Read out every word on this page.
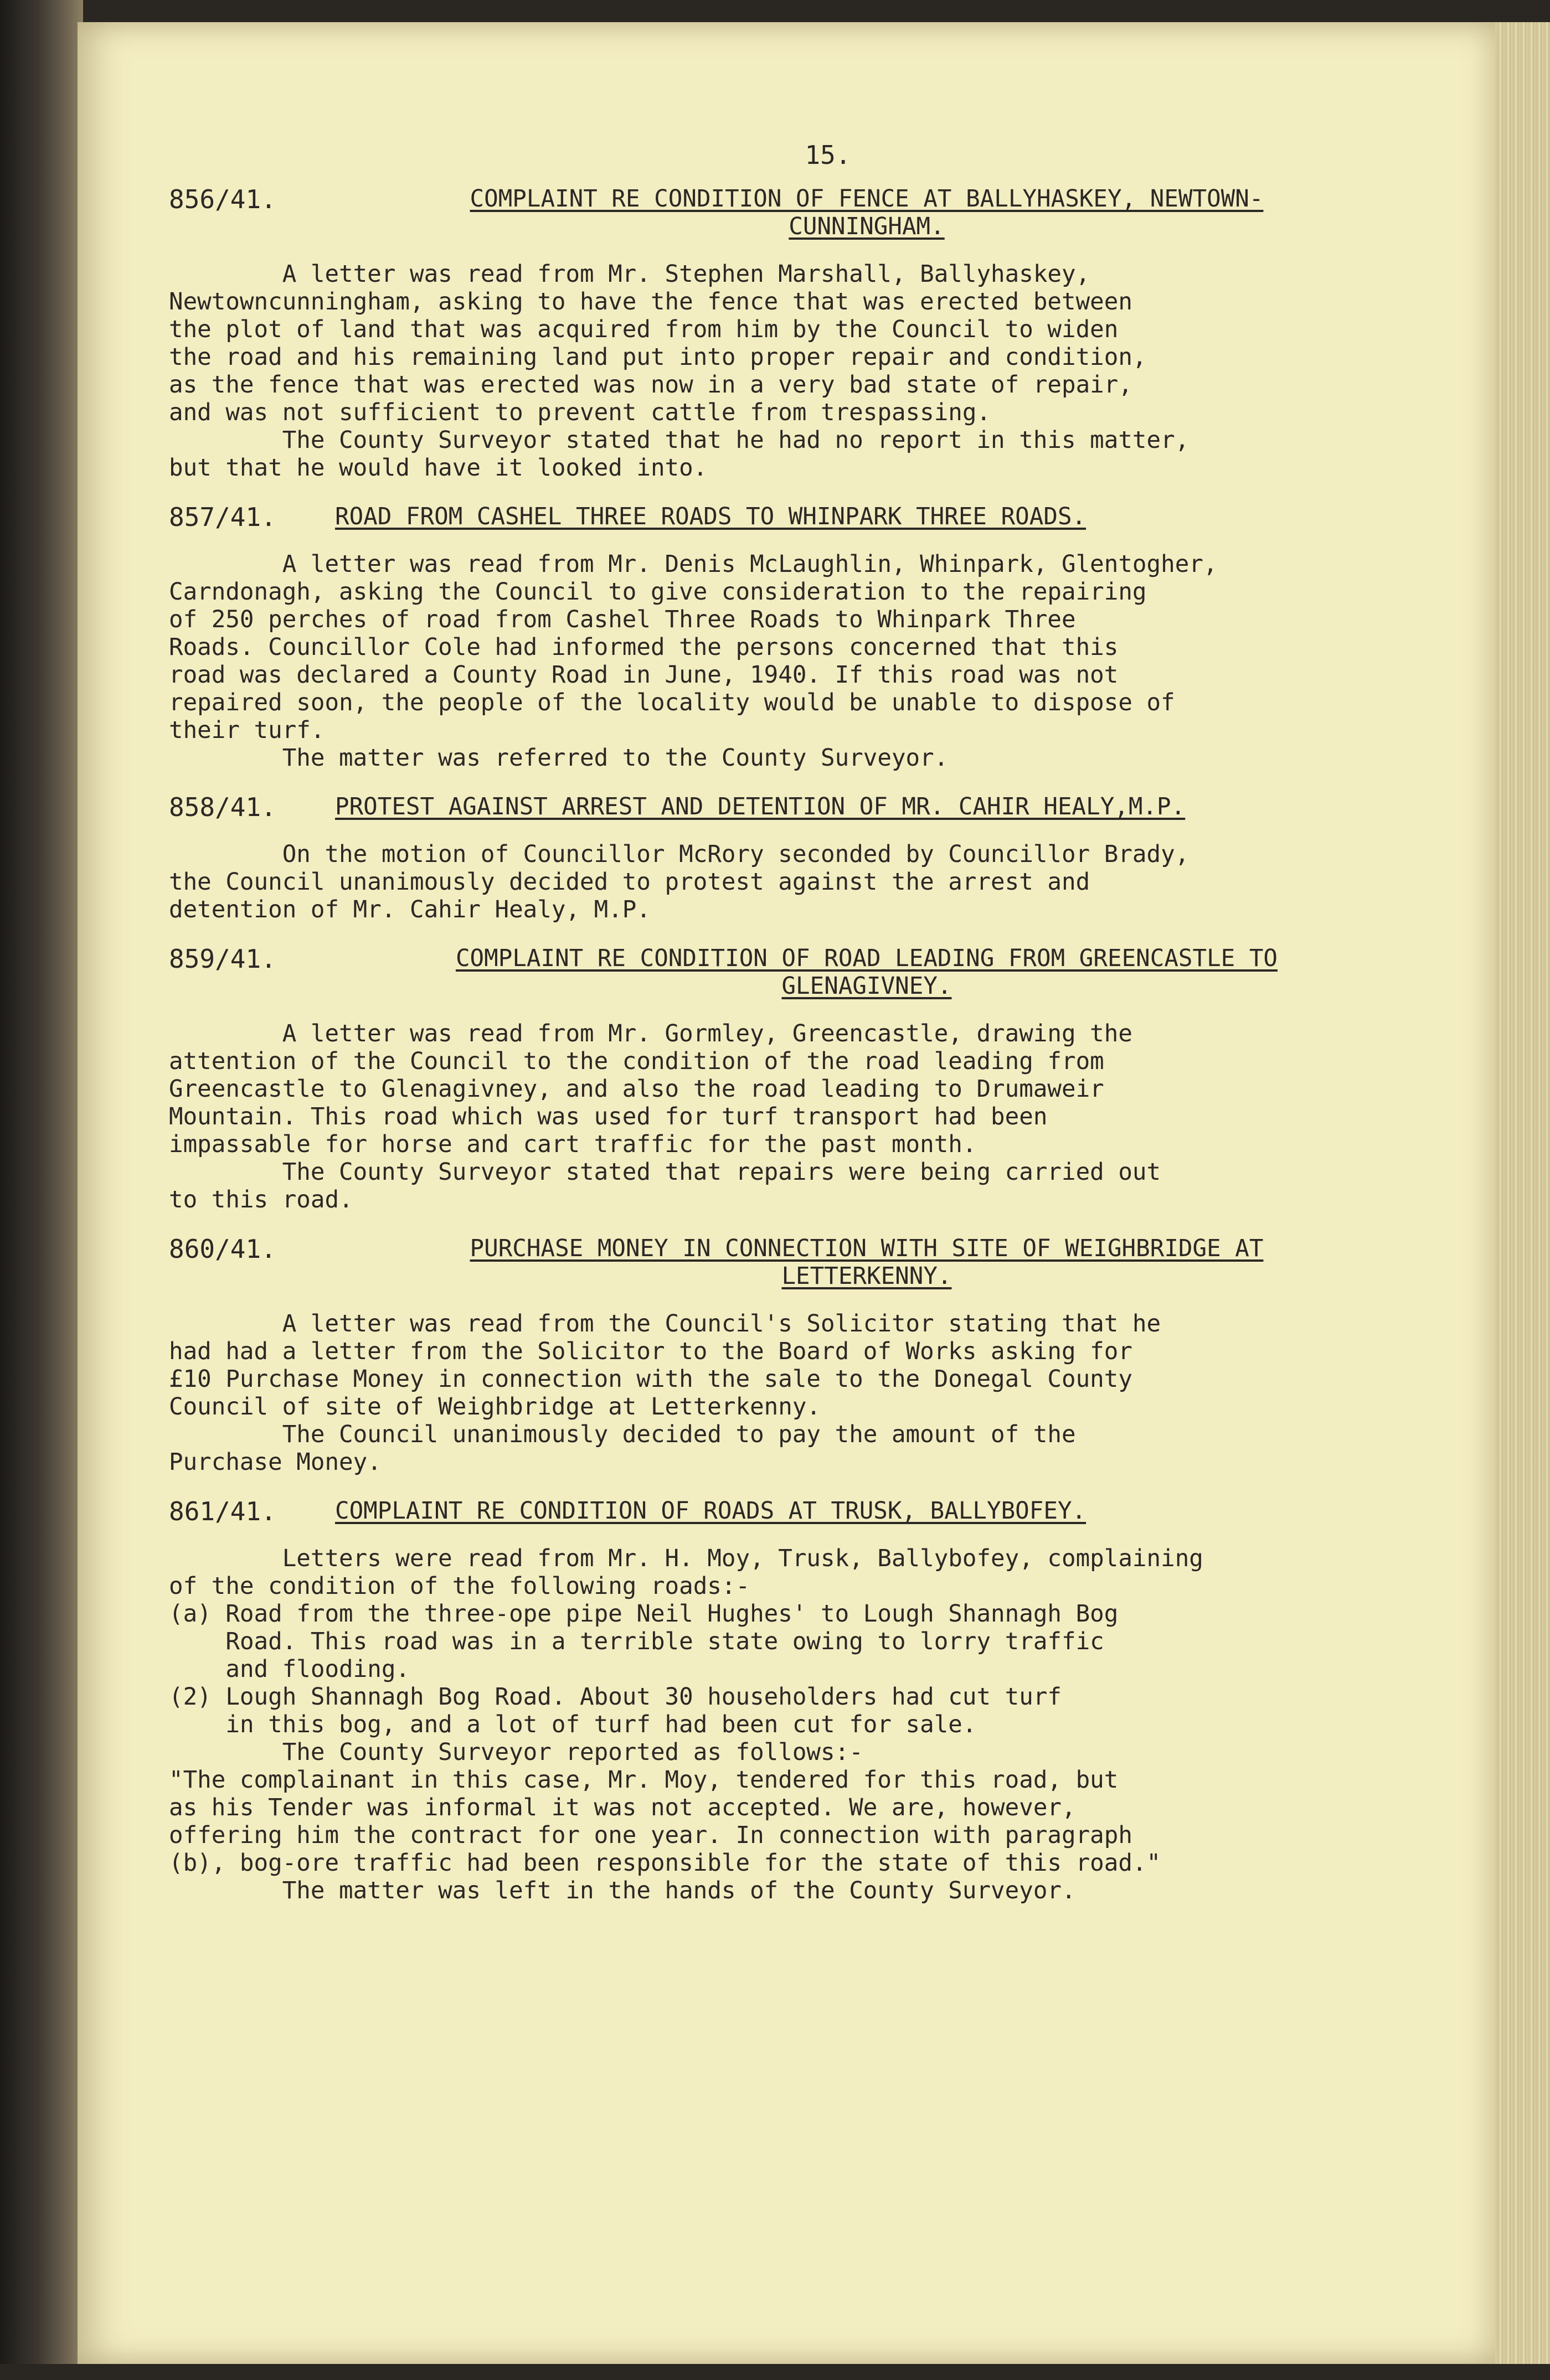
15.
856/41.	COMPLAINT RE CONDITION OF FENCE AT BALLYHASKEY, NEWTOWN-
CUNNINGHAM.

A letter was read from Mr. Stephen Marshall, Ballyhaskey,
Newtowncunningham, asking to have the fence that was erected between
the plot of land that was acquired from him by the Council to widen
the road and his remaining land put into proper repair and condition,
as the fence that was erected was now in a very bad state of repair,
and was not sufficient to prevent cattle from trespassing.

The County Surveyor stated that he had no report in this matter,
but that he would have it looked into.

857/41.	ROAD FROM CASHEL THREE ROADS TO WHINPARK THREE ROADS.

A letter was read from Mr. Denis McLaughlin, Whinpark, Glentogher,
Carndonagh, asking the Council to give consideration to the repairing
of 250 perches of road from Cashel Three Roads to Whinpark Three
Roads. Councillor Cole had informed the persons concerned that this
road was declared a County Road in June, 1940. If this road was not
repaired soon, the people of the locality would be unable to dispose of
their turf.

The matter was referred to the County Surveyor.

858/41.	PROTEST AGAINST ARREST AND DETENTION OF MR. CAHIR HEALY,M.P.

On the motion of Councillor McRory seconded by Councillor Brady,
the Council unanimously decided to protest against the arrest and
detention of Mr. Cahir Healy, M.P.

859/41.	COMPLAINT RE CONDITION OF ROAD LEADING FROM GREENCASTLE TO
GLENAGIVNEY.

A letter was read from Mr. Gormley, Greencastle, drawing the
attention of the Council to the condition of the road leading from
Greencastle to Glenagivney, and also the road leading to Drumaweir
Mountain. This road which was used for turf transport had been
impassable for horse and cart traffic for the past month.

The County Surveyor stated that repairs were being carried out
to this road.

860/41.	PURCHASE MONEY IN CONNECTION WITH SITE OF WEIGHBRIDGE AT
LETTERKENNY.

A letter was read from the Council's Solicitor stating that he
had had a letter from the Solicitor to the Board of Works asking for
£10 Purchase Money in connection with the sale to the Donegal County
Council of site of Weighbridge at Letterkenny.

The Council unanimously decided to pay the amount of the
Purchase Money.

861/41.	COMPLAINT RE CONDITION OF ROADS AT TRUSK, BALLYBOFEY.

Letters were read from Mr. H. Moy, Trusk, Ballybofey, complaining
of the condition of the following roads:-

(a) Road from the three-ope pipe Neil Hughes' to Lough Shannagh Bog
Road. This road was in a terrible state owing to lorry traffic
and flooding.

(2) Lough Shannagh Bog Road. About 30 householders had cut turf
in this bog, and a lot of turf had been cut for sale.

The County Surveyor reported as follows:-

"The complainant in this case, Mr. Moy, tendered for this road, but
as his Tender was informal it was not accepted. We are, however,
offering him the contract for one year. In connection with paragraph
(b), bog-ore traffic had been responsible for the state of this road."

The matter was left in the hands of the County Surveyor.
